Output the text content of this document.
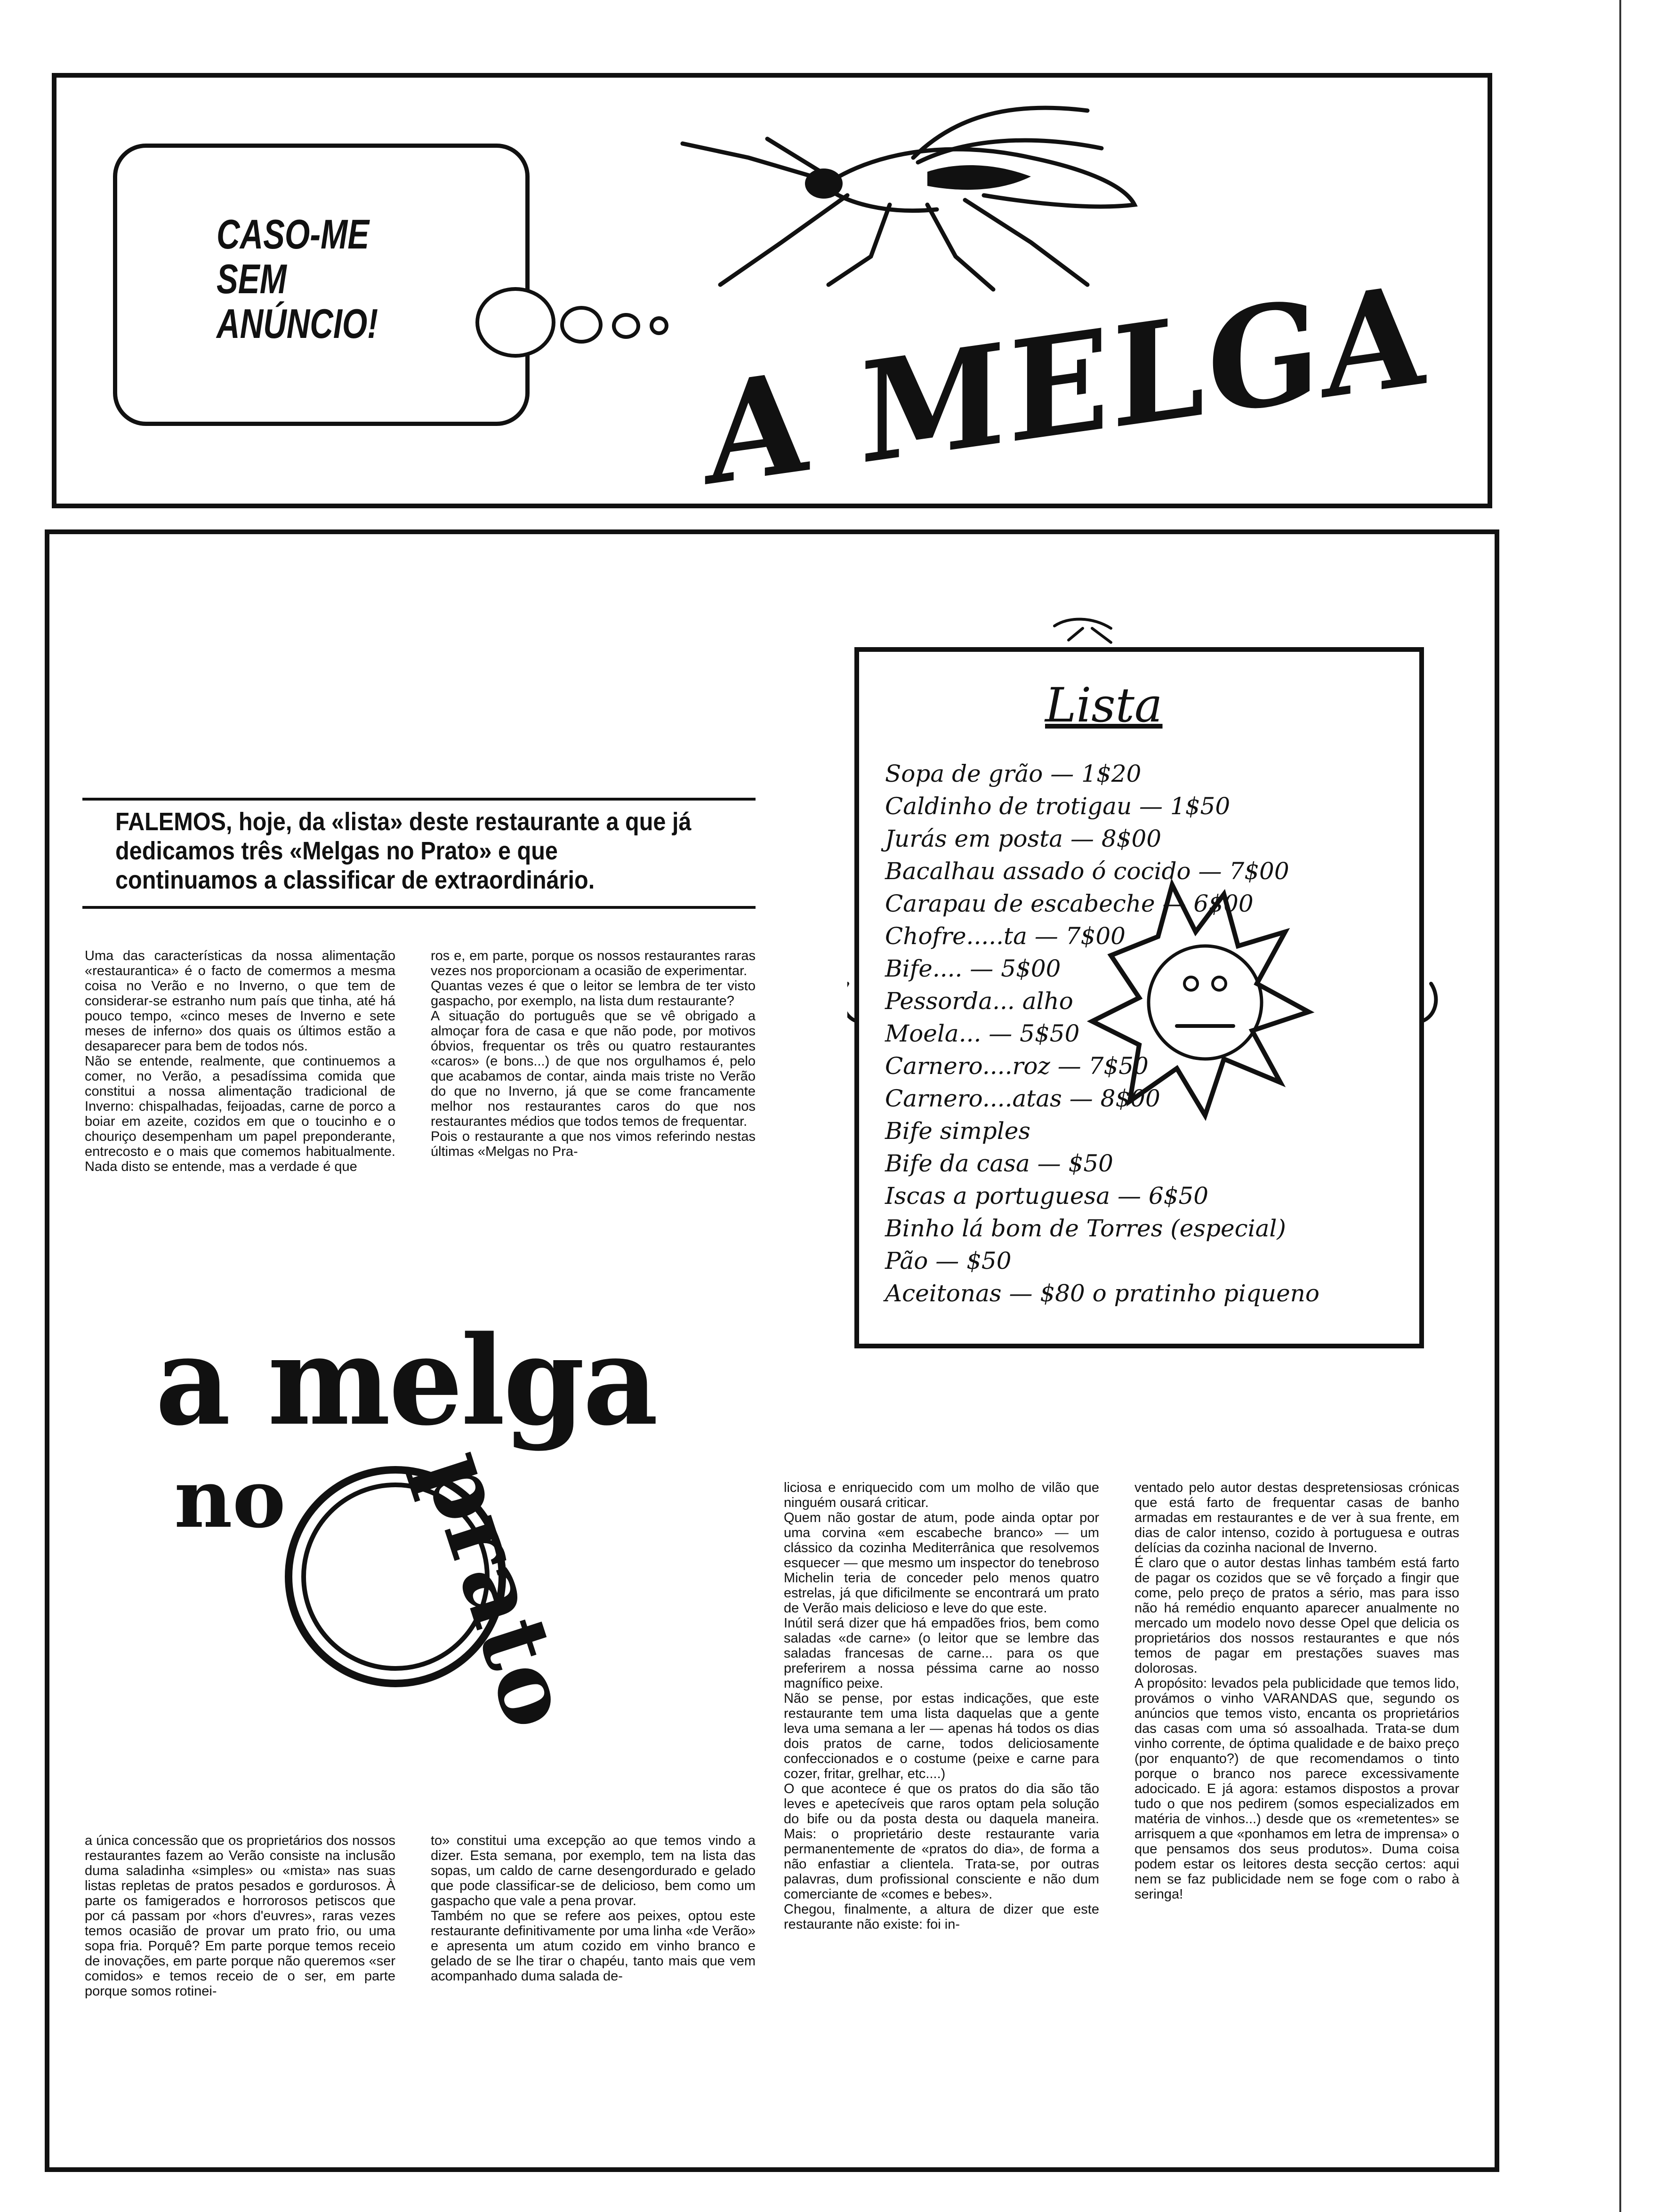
CASO-ME
SEM
ANÚNCIO! A MELGA
FALEMOS, hoje, da «lista» deste restaurante a que já dedicamos três «Melgas no Prato» e que continuamos a classificar de extraordinário.

Uma das características da nossa alimentação «restaurantica» é o facto de comermos a mesma coisa no Verão e no Inverno, o que tem de considerar-se estranho num país que tinha, até há pouco tempo, «cinco meses de Inverno e sete meses de inferno» dos quais os últimos estão a desaparecer para bem de todos nós.

Não se entende, realmente, que continuemos a comer, no Verão, a pesadíssima comida que constitui a nossa alimentação tradicional de Inverno: chispalhadas, feijoadas, carne de porco a boiar em azeite, cozidos em que o toucinho e o chouriço desempenham um papel preponderante, entrecosto e o mais que comemos habitualmente. Nada disto se entende, mas a verdade é que

ros e, em parte, porque os nossos restaurantes raras vezes nos proporcionam a ocasião de experimentar.

Quantas vezes é que o leitor se lembra de ter visto gaspacho, por exemplo, na lista dum restaurante?

A situação do português que se vê obrigado a almoçar fora de casa e que não pode, por motivos óbvios, frequentar os três ou quatro restaurantes «caros» (e bons...) de que nos orgulhamos é, pelo que acabamos de contar, ainda mais triste no Verão do que no Inverno, já que se come francamente melhor nos restaurantes caros do que nos restaurantes médios que todos temos de frequentar.

Pois o restaurante a que nos vimos referindo nestas últimas «Melgas no Pra-

Lista
Sopa de grão — 1$20
Caldinho de trotigau — 1$50
Jurás em posta — 8$00
Bacalhau assado ó cocido — 7$00
Carapau de escabeche — 6$00
Chofre.....ta — 7$00
Bife.... — 5$00
Pessorda... alho
Moela... — 5$50
Carnero....roz — 7$50
Carnero....atas — 8$00
Bife simples
Bife da casa — $50
Iscas a portuguesa — 6$50
Binho lá bom de Torres (especial)
Pão — $50
Aceitonas — $80 o pratinho piqueno
a melga
no prato

a única concessão que os proprietários dos nossos restaurantes fazem ao Verão consiste na inclusão duma saladinha «simples» ou «mista» nas suas listas repletas de pratos pesados e gordurosos. À parte os famigerados e horrorosos petiscos que por cá passam por «hors d'euvres», raras vezes temos ocasião de provar um prato frio, ou uma sopa fria. Porquê? Em parte porque temos receio de inovações, em parte porque não queremos «ser comidos» e temos receio de o ser, em parte porque somos rotinei-

to» constitui uma excepção ao que temos vindo a dizer. Esta semana, por exemplo, tem na lista das sopas, um caldo de carne desengordurado e gelado que pode classificar-se de delicioso, bem como um gaspacho que vale a pena provar.

Também no que se refere aos peixes, optou este restaurante definitivamente por uma linha «de Verão» e apresenta um atum cozido em vinho branco e gelado de se lhe tirar o chapéu, tanto mais que vem acompanhado duma salada de-

liciosa e enriquecido com um molho de vilão que ninguém ousará criticar.

Quem não gostar de atum, pode ainda optar por uma corvina «em escabeche branco» — um clássico da cozinha Mediterrânica que resolvemos esquecer — que mesmo um inspector do tenebroso Michelin teria de conceder pelo menos quatro estrelas, já que dificilmente se encontrará um prato de Verão mais delicioso e leve do que este.

Inútil será dizer que há empadões frios, bem como saladas «de carne» (o leitor que se lembre das saladas francesas de carne... para os que preferirem a nossa péssima carne ao nosso magnífico peixe.

Não se pense, por estas indicações, que este restaurante tem uma lista daquelas que a gente leva uma semana a ler — apenas há todos os dias dois pratos de carne, todos deliciosamente confeccionados e o costume (peixe e carne para cozer, fritar, grelhar, etc....)

O que acontece é que os pratos do dia são tão leves e apetecíveis que raros optam pela solução do bife ou da posta desta ou daquela maneira. Mais: o proprietário deste restaurante varia permanentemente de «pratos do dia», de forma a não enfastiar a clientela. Trata-se, por outras palavras, dum profissional consciente e não dum comerciante de «comes e bebes».

Chegou, finalmente, a altura de dizer que este restaurante não existe: foi in-

ventado pelo autor destas despretensiosas crónicas que está farto de frequentar casas de banho armadas em restaurantes e de ver à sua frente, em dias de calor intenso, cozido à portuguesa e outras delícias da cozinha nacional de Inverno.

É claro que o autor destas linhas também está farto de pagar os cozidos que se vê forçado a fingir que come, pelo preço de pratos a sério, mas para isso não há remédio enquanto aparecer anualmente no mercado um modelo novo desse Opel que delicia os proprietários dos nossos restaurantes e que nós temos de pagar em prestações suaves mas dolorosas.

A propósito: levados pela publicidade que temos lido, provámos o vinho VARANDAS que, segundo os anúncios que temos visto, encanta os proprietários das casas com uma só assoalhada. Trata-se dum vinho corrente, de óptima qualidade e de baixo preço (por enquanto?) de que recomendamos o tinto porque o branco nos parece excessivamente adocicado. E já agora: estamos dispostos a provar tudo o que nos pedirem (somos especializados em matéria de vinhos...) desde que os «remetentes» se arrisquem a que «ponhamos em letra de imprensa» o que pensamos dos seus produtos». Duma coisa podem estar os leitores desta secção certos: aqui nem se faz publicidade nem se foge com o rabo à seringa!
